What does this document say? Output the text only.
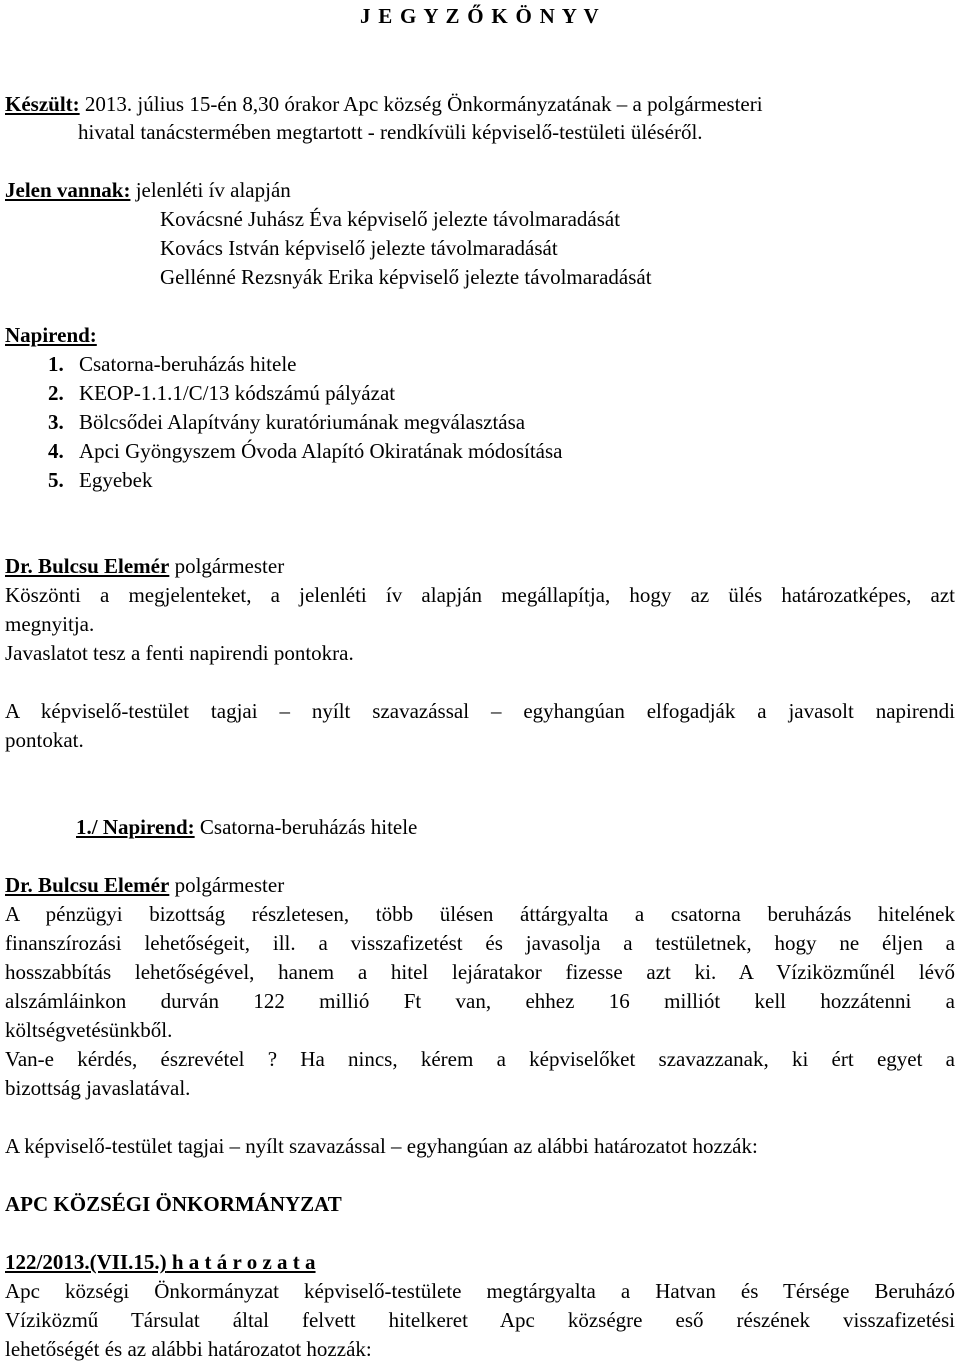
J E G Y Z Ő K Ö N Y V
Készült: 2013. július 15-én 8,30 órakor Apc község Önkormányzatának – a polgármesteri
hivatal tanácstermében megtartott - rendkívüli képviselő-testületi üléséről.
Jelen vannak: jelenléti ív alapján
Kovácsné Juhász Éva képviselő jelezte távolmaradását
Kovács István képviselő jelezte távolmaradását
Gellénné Rezsnyák Erika képviselő jelezte távolmaradását
Napirend:
1. Csatorna-beruházás hitele
2. KEOP-1.1.1/C/13 kódszámú pályázat
3. Bölcsődei Alapítvány kuratóriumának megválasztása
4. Apci Gyöngyszem Óvoda Alapító Okiratának módosítása
5. Egyebek
Dr. Bulcsu Elemér polgármester
Köszönti a megjelenteket, a jelenléti ív alapján megállapítja, hogy az ülés határozatképes, azt
megnyitja.
Javaslatot tesz a fenti napirendi pontokra.
A képviselő-testület tagjai – nyílt szavazással – egyhangúan elfogadják a javasolt napirendi
pontokat.
1./ Napirend: Csatorna-beruházás hitele
Dr. Bulcsu Elemér polgármester
A pénzügyi bizottság részletesen, több ülésen áttárgyalta a csatorna beruházás hitelének
finanszírozási lehetőségeit, ill. a visszafizetést és javasolja a testületnek, hogy ne éljen a
hosszabbítás lehetőségével, hanem a hitel lejáratakor fizesse azt ki. A Víziközműnél lévő
alszámláinkon durván 122 millió Ft van, ehhez 16 milliót kell hozzátenni a
költségvetésünkből.
Van-e kérdés, észrevétel ? Ha nincs, kérem a képviselőket szavazzanak, ki ért egyet a
bizottság javaslatával.
A képviselő-testület tagjai – nyílt szavazással – egyhangúan az alábbi határozatot hozzák:
APC KÖZSÉGI ÖNKORMÁNYZAT
122/2013.(VII.15.) h a t á r o z a t a
Apc községi Önkormányzat képviselő-testülete megtárgyalta a Hatvan és Térsége Beruházó
Víziközmű Társulat által felvett hitelkeret Apc községre eső részének visszafizetési
lehetőségét és az alábbi határozatot hozzák:
